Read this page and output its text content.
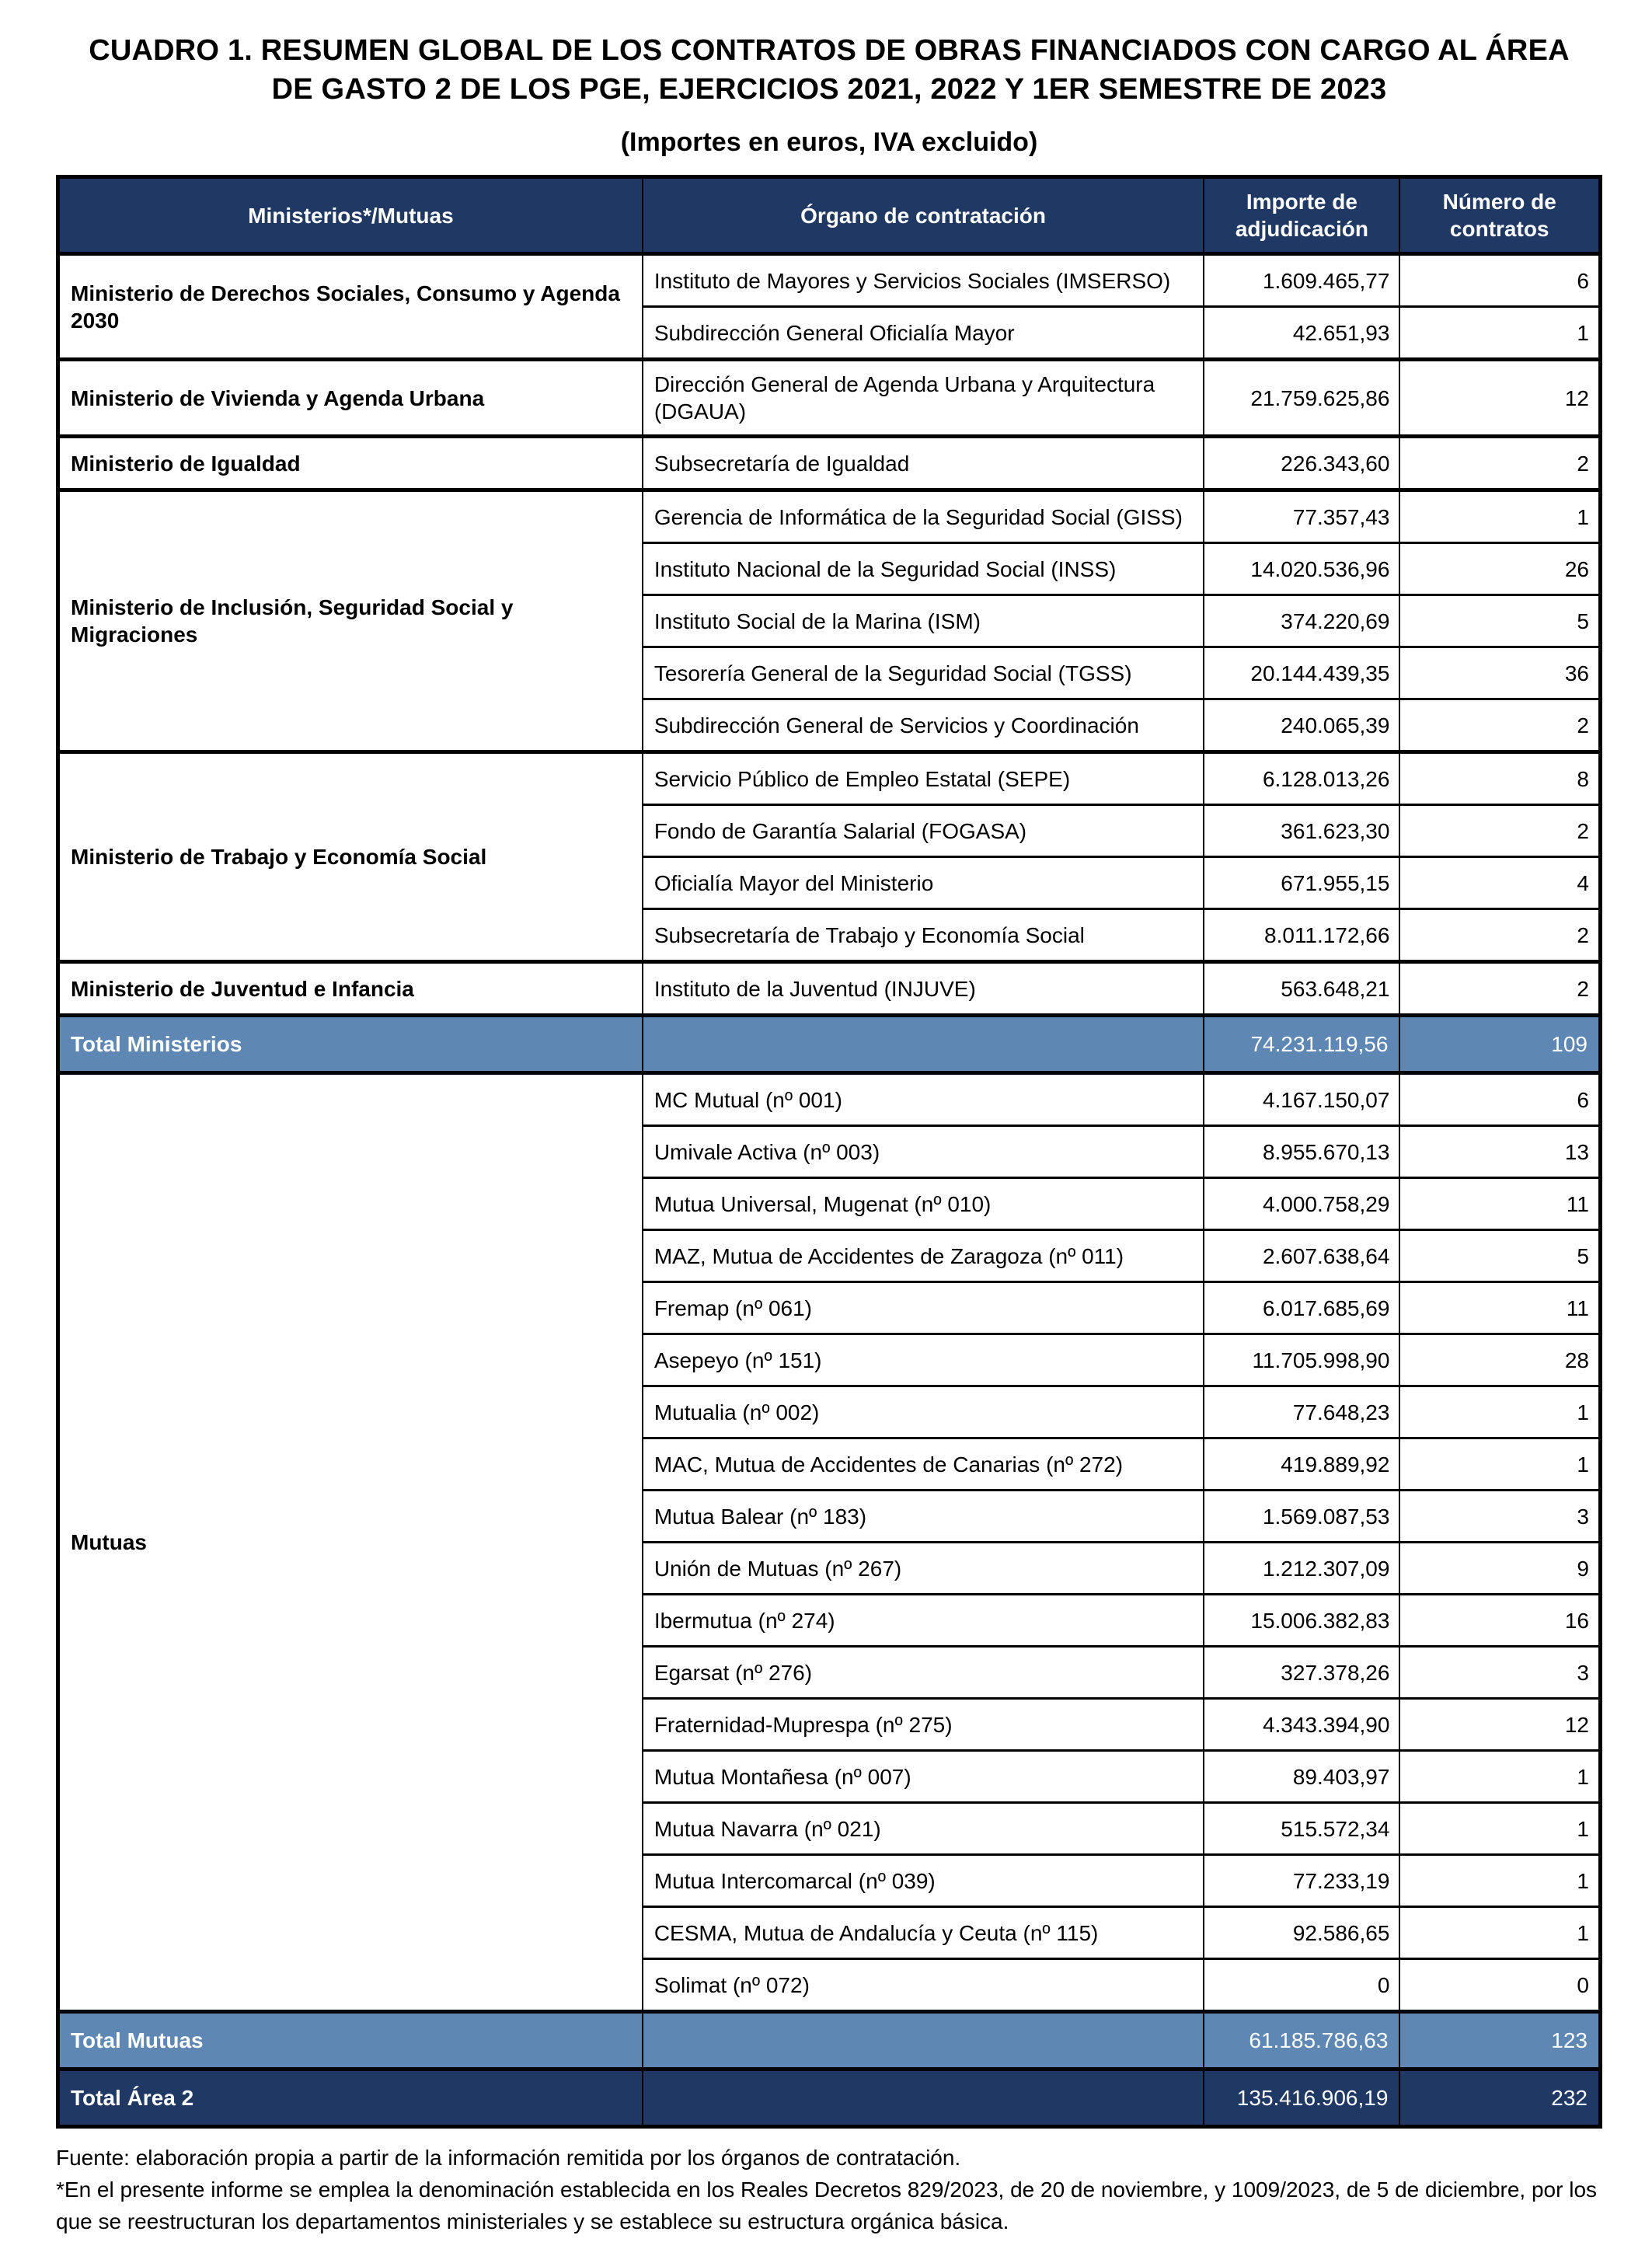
CUADRO 1. RESUMEN GLOBAL DE LOS CONTRATOS DE OBRAS FINANCIADOS CON CARGO AL ÁREA DE GASTO 2 DE LOS PGE, EJERCICIOS 2021, 2022 Y 1ER SEMESTRE DE 2023
(Importes en euros, IVA excluido)
Ministerios*/Mutuas	Órgano de contratación	Importe de adjudicación	Número de contratos
Ministerio de Derechos Sociales, Consumo y Agenda 2030	Instituto de Mayores y Servicios Sociales (IMSERSO)	1.609.465,77	6
	Subdirección General Oficialía Mayor	42.651,93	1
Ministerio de Vivienda y Agenda Urbana	Dirección General de Agenda Urbana y Arquitectura (DGAUA)	21.759.625,86	12
Ministerio de Igualdad	Subsecretaría de Igualdad	226.343,60	2
Ministerio de Inclusión, Seguridad Social y Migraciones	Gerencia de Informática de la Seguridad Social (GISS)	77.357,43	1
	Instituto Nacional de la Seguridad Social (INSS)	14.020.536,96	26
	Instituto Social de la Marina (ISM)	374.220,69	5
	Tesorería General de la Seguridad Social (TGSS)	20.144.439,35	36
	Subdirección General de Servicios y Coordinación	240.065,39	2
Ministerio de Trabajo y Economía Social	Servicio Público de Empleo Estatal (SEPE)	6.128.013,26	8
	Fondo de Garantía Salarial (FOGASA)	361.623,30	2
	Oficialía Mayor del Ministerio	671.955,15	4
	Subsecretaría de Trabajo y Economía Social	8.011.172,66	2
Ministerio de Juventud e Infancia	Instituto de la Juventud (INJUVE)	563.648,21	2
Total Ministerios		74.231.119,56	109
Mutuas	MC Mutual (nº 001)	4.167.150,07	6
	Umivale Activa (nº 003)	8.955.670,13	13
	Mutua Universal, Mugenat (nº 010)	4.000.758,29	11
	MAZ, Mutua de Accidentes de Zaragoza (nº 011)	2.607.638,64	5
	Fremap (nº 061)	6.017.685,69	11
	Asepeyo (nº 151)	11.705.998,90	28
	Mutualia (nº 002)	77.648,23	1
	MAC, Mutua de Accidentes de Canarias (nº 272)	419.889,92	1
	Mutua Balear (nº 183)	1.569.087,53	3
	Unión de Mutuas (nº 267)	1.212.307,09	9
	Ibermutua (nº 274)	15.006.382,83	16
	Egarsat (nº 276)	327.378,26	3
	Fraternidad-Muprespa (nº 275)	4.343.394,90	12
	Mutua Montañesa (nº 007)	89.403,97	1
	Mutua Navarra (nº 021)	515.572,34	1
	Mutua Intercomarcal (nº 039)	77.233,19	1
	CESMA, Mutua de Andalucía y Ceuta (nº 115)	92.586,65	1
	Solimat (nº 072)	0	0
Total Mutuas		61.185.786,63	123
Total Área 2		135.416.906,19	232

Fuente: elaboración propia a partir de la información remitida por los órganos de contratación.

*En el presente informe se emplea la denominación establecida en los Reales Decretos 829/2023, de 20 de noviembre, y 1009/2023, de 5 de diciembre, por los que se reestructuran los departamentos ministeriales y se establece su estructura orgánica básica.
